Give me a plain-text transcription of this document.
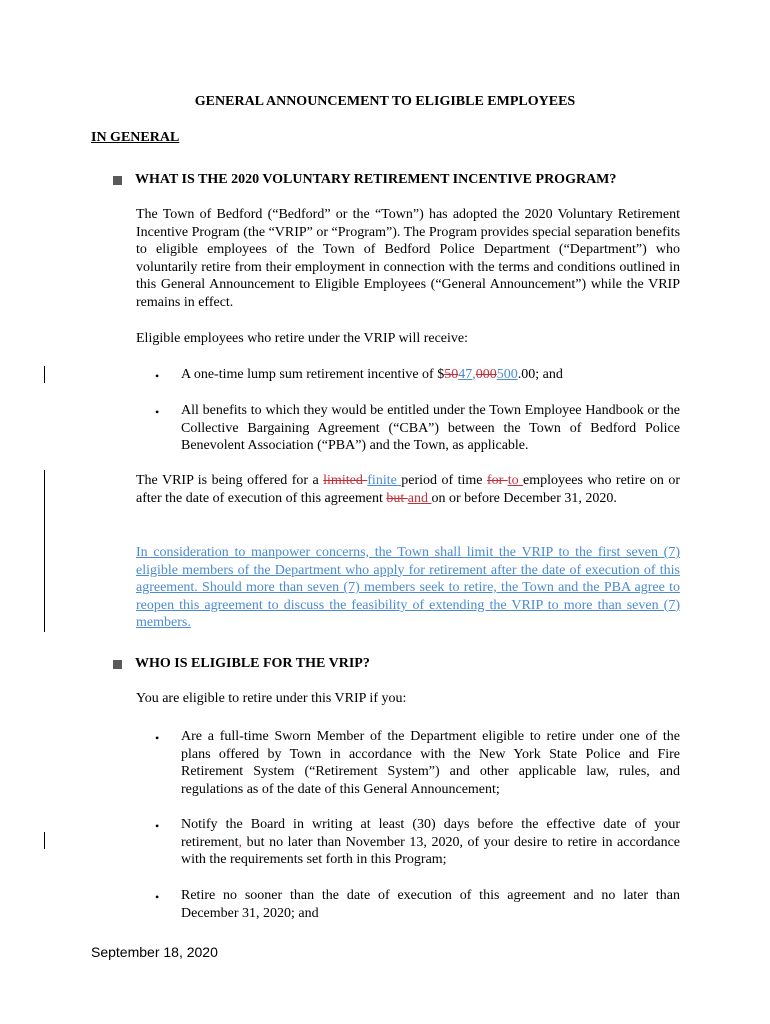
GENERAL ANNOUNCEMENT TO ELIGIBLE EMPLOYEES
IN GENERAL
WHAT IS THE 2020 VOLUNTARY RETIREMENT INCENTIVE PROGRAM?

The Town of Bedford (“Bedford” or the “Town”) has adopted the 2020 Voluntary Retirement Incentive Program (the “VRIP” or “Program”). The Program provides special separation benefits to eligible employees of the Town of Bedford Police Department (“Department”) who voluntarily retire from their employment in connection with the terms and conditions outlined in this General Announcement to Eligible Employees (“General Announcement”) while the VRIP remains in effect.

Eligible employees who retire under the VRIP will receive:

• A one-time lump sum retirement incentive of $5047,000500.00; and

• All benefits to which they would be entitled under the Town Employee Handbook or the Collective Bargaining Agreement (“CBA”) between the Town of Bedford Police Benevolent Association (“PBA”) and the Town, as applicable.

The VRIP is being offered for a limited finite period of time for to employees who retire on or after the date of execution of this agreement but and on or before December 31, 2020.

In consideration to manpower concerns, the Town shall limit the VRIP to the first seven (7) eligible members of the Department who apply for retirement after the date of execution of this agreement. Should more than seven (7) members seek to retire, the Town and the PBA agree to reopen this agreement to discuss the feasibility of extending the VRIP to more than seven (7) members.

WHO IS ELIGIBLE FOR THE VRIP?

You are eligible to retire under this VRIP if you:

• Are a full-time Sworn Member of the Department eligible to retire under one of the plans offered by Town in accordance with the New York State Police and Fire Retirement System (“Retirement System”) and other applicable law, rules, and regulations as of the date of this General Announcement;

• Notify the Board in writing at least (30) days before the effective date of your retirement, but no later than November 13, 2020, of your desire to retire in accordance with the requirements set forth in this Program;

• Retire no sooner than the date of execution of this agreement and no later than December 31, 2020; and

September 18, 2020
